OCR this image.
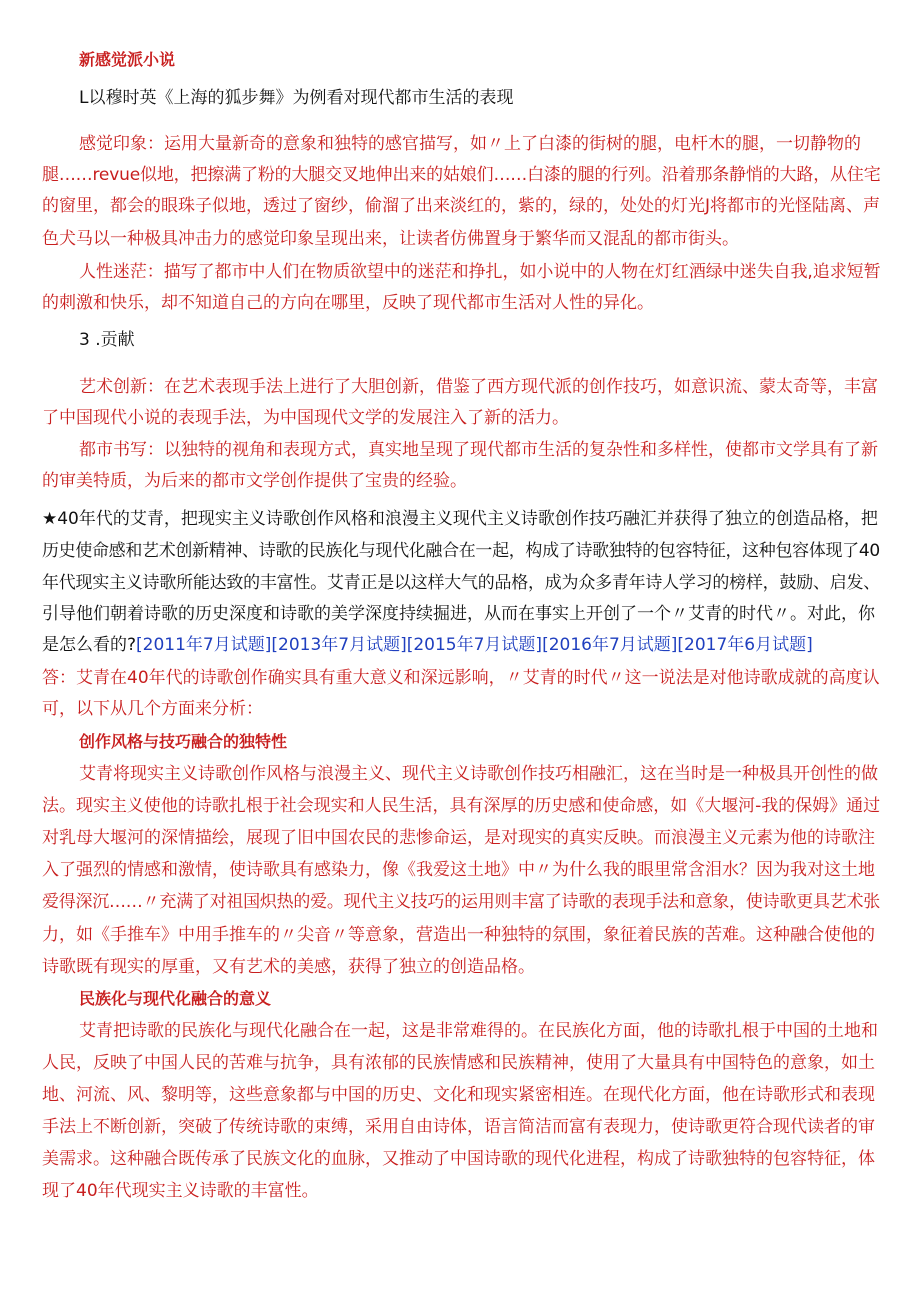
新感觉派小说
L以穆时英《上海的狐步舞》为例看对现代都市生活的表现
感觉印象：运用大量新奇的意象和独特的感官描写，如〃上了白漆的街树的腿，电杆木的腿，一切静物的
腿……revue似地，把擦满了粉的大腿交叉地伸出来的姑娘们……白漆的腿的行列。沿着那条静悄的大路，从住宅
的窗里，都会的眼珠子似地，透过了窗纱，偷溜了出来淡红的，紫的，绿的，处处的灯光J将都市的光怪陆离、声
色犬马以一种极具冲击力的感觉印象呈现出来，让读者仿佛置身于繁华而又混乱的都市街头。
人性迷茫：描写了都市中人们在物质欲望中的迷茫和挣扎，如小说中的人物在灯红酒绿中迷失自我,追求短暂
的刺激和快乐，却不知道自己的方向在哪里，反映了现代都市生活对人性的异化。
3 .贡献
艺术创新：在艺术表现手法上进行了大胆创新，借鉴了西方现代派的创作技巧，如意识流、蒙太奇等，丰富
了中国现代小说的表现手法，为中国现代文学的发展注入了新的活力。
都市书写：以独特的视角和表现方式，真实地呈现了现代都市生活的复杂性和多样性，使都市文学具有了新
的审美特质，为后来的都市文学创作提供了宝贵的经验。
★40年代的艾青，把现实主义诗歌创作风格和浪漫主义现代主义诗歌创作技巧融汇并获得了独立的创造品格，把
历史使命感和艺术创新精神、诗歌的民族化与现代化融合在一起，构成了诗歌独特的包容特征，这种包容体现了40
年代现实主义诗歌所能达致的丰富性。艾青正是以这样大气的品格，成为众多青年诗人学习的榜样，鼓励、启发、
引导他们朝着诗歌的历史深度和诗歌的美学深度持续掘进，从而在事实上开创了一个〃艾青的时代〃。对此，你
是怎么看的?[2011年7月试题][2013年7月试题][2015年7月试题][2016年7月试题][2017年6月试题]
答：艾青在40年代的诗歌创作确实具有重大意义和深远影响，〃艾青的时代〃这一说法是对他诗歌成就的高度认
可，以下从几个方面来分析：
创作风格与技巧融合的独特性
艾青将现实主义诗歌创作风格与浪漫主义、现代主义诗歌创作技巧相融汇，这在当时是一种极具开创性的做
法。现实主义使他的诗歌扎根于社会现实和人民生活，具有深厚的历史感和使命感，如《大堰河-我的保姆》通过
对乳母大堰河的深情描绘，展现了旧中国农民的悲惨命运，是对现实的真实反映。而浪漫主义元素为他的诗歌注
入了强烈的情感和激情，使诗歌具有感染力，像《我爱这土地》中〃为什么我的眼里常含泪水？因为我对这土地
爱得深沉……〃充满了对祖国炽热的爱。现代主义技巧的运用则丰富了诗歌的表现手法和意象，使诗歌更具艺术张
力，如《手推车》中用手推车的〃尖音〃等意象，营造出一种独特的氛围，象征着民族的苦难。这种融合使他的
诗歌既有现实的厚重，又有艺术的美感，获得了独立的创造品格。
民族化与现代化融合的意义
艾青把诗歌的民族化与现代化融合在一起，这是非常难得的。在民族化方面，他的诗歌扎根于中国的土地和
人民，反映了中国人民的苦难与抗争，具有浓郁的民族情感和民族精神，使用了大量具有中国特色的意象，如土
地、河流、风、黎明等，这些意象都与中国的历史、文化和现实紧密相连。在现代化方面，他在诗歌形式和表现
手法上不断创新，突破了传统诗歌的束缚，采用自由诗体，语言简洁而富有表现力，使诗歌更符合现代读者的审
美需求。这种融合既传承了民族文化的血脉，又推动了中国诗歌的现代化进程，构成了诗歌独特的包容特征，体
现了40年代现实主义诗歌的丰富性。
